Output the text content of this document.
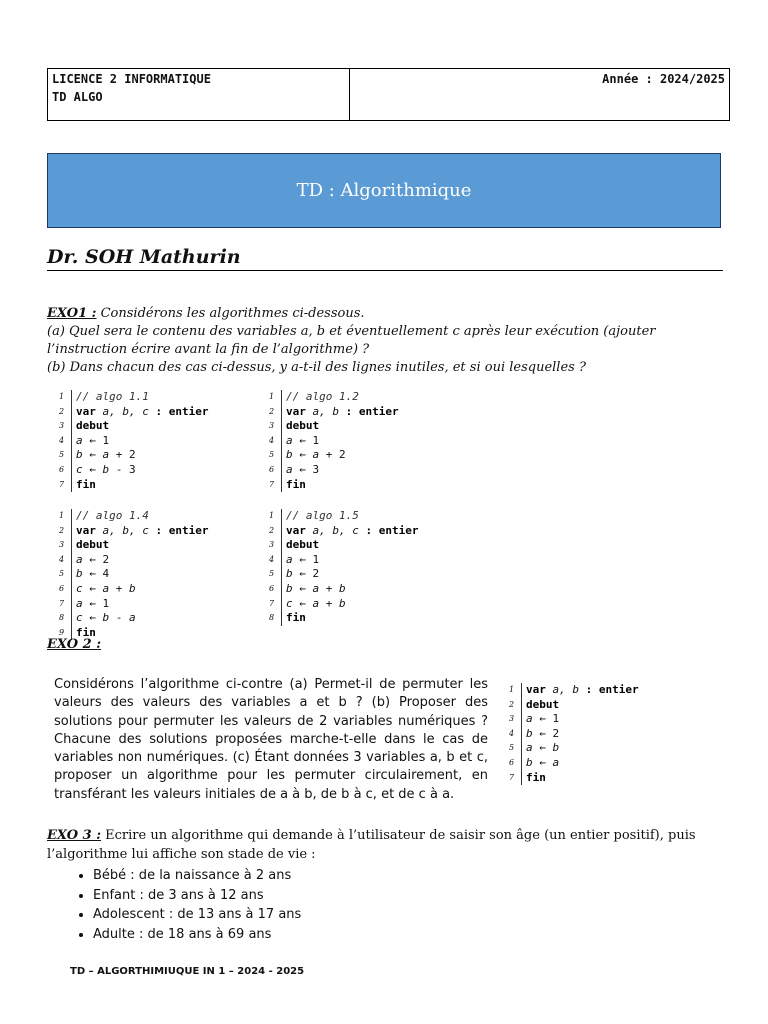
LICENCE 2 INFORMATIQUE
TD ALGO
Année : 2024/2025
TD : Algorithmique
Dr. SOH Mathurin
EXO1 : Considérons les algorithmes ci-dessous.
(a) Quel sera le contenu des variables a, b et éventuellement c après leur exécution (ajouter l’instruction écrire avant la fin de l’algorithme) ?
(b) Dans chacun des cas ci-dessus, y a-t-il des lignes inutiles, et si oui lesquelles ?
1	// algo 1.1
2	var a, b, c : entier
3	debut
4	a ← 1
5	b ← a + 2
6	c ← b - 3
7	fin
1	// algo 1.2
2	var a, b : entier
3	debut
4	a ← 1
5	b ← a + 2
6	a ← 3
7	fin
1	// algo 1.4
2	var a, b, c : entier
3	debut
4	a ← 2
5	b ← 4
6	c ← a + b
7	a ← 1
8	c ← b - a
9	fin
1	// algo 1.5
2	var a, b, c : entier
3	debut
4	a ← 1
5	b ← 2
6	b ← a + b
7	c ← a + b
8	fin
EXO 2 :
Considérons l’algorithme ci-contre (a) Permet-il de permuter les valeurs des valeurs des variables a et b ? (b) Proposer des solutions pour permuter les valeurs de 2 variables numériques ? Chacune des solutions proposées marche-t-elle dans le cas de variables non numériques. (c) Étant données 3 variables a, b et c, proposer un algorithme pour les permuter circulairement, en transférant les valeurs initiales de a à b, de b à c, et de c à a.
1	var a, b : entier
2	debut
3	a ← 1
4	b ← 2
5	a ← b
6	b ← a
7	fin
EXO 3 : Ecrire un algorithme qui demande à l’utilisateur de saisir son âge (un entier positif), puis l’algorithme lui affiche son stade de vie :
• Bébé : de la naissance à 2 ans
• Enfant : de 3 ans à 12 ans
• Adolescent : de 13 ans à 17 ans
• Adulte : de 18 ans à 69 ans
TD – ALGORTHIMIUQUE IN 1 – 2024 - 2025
